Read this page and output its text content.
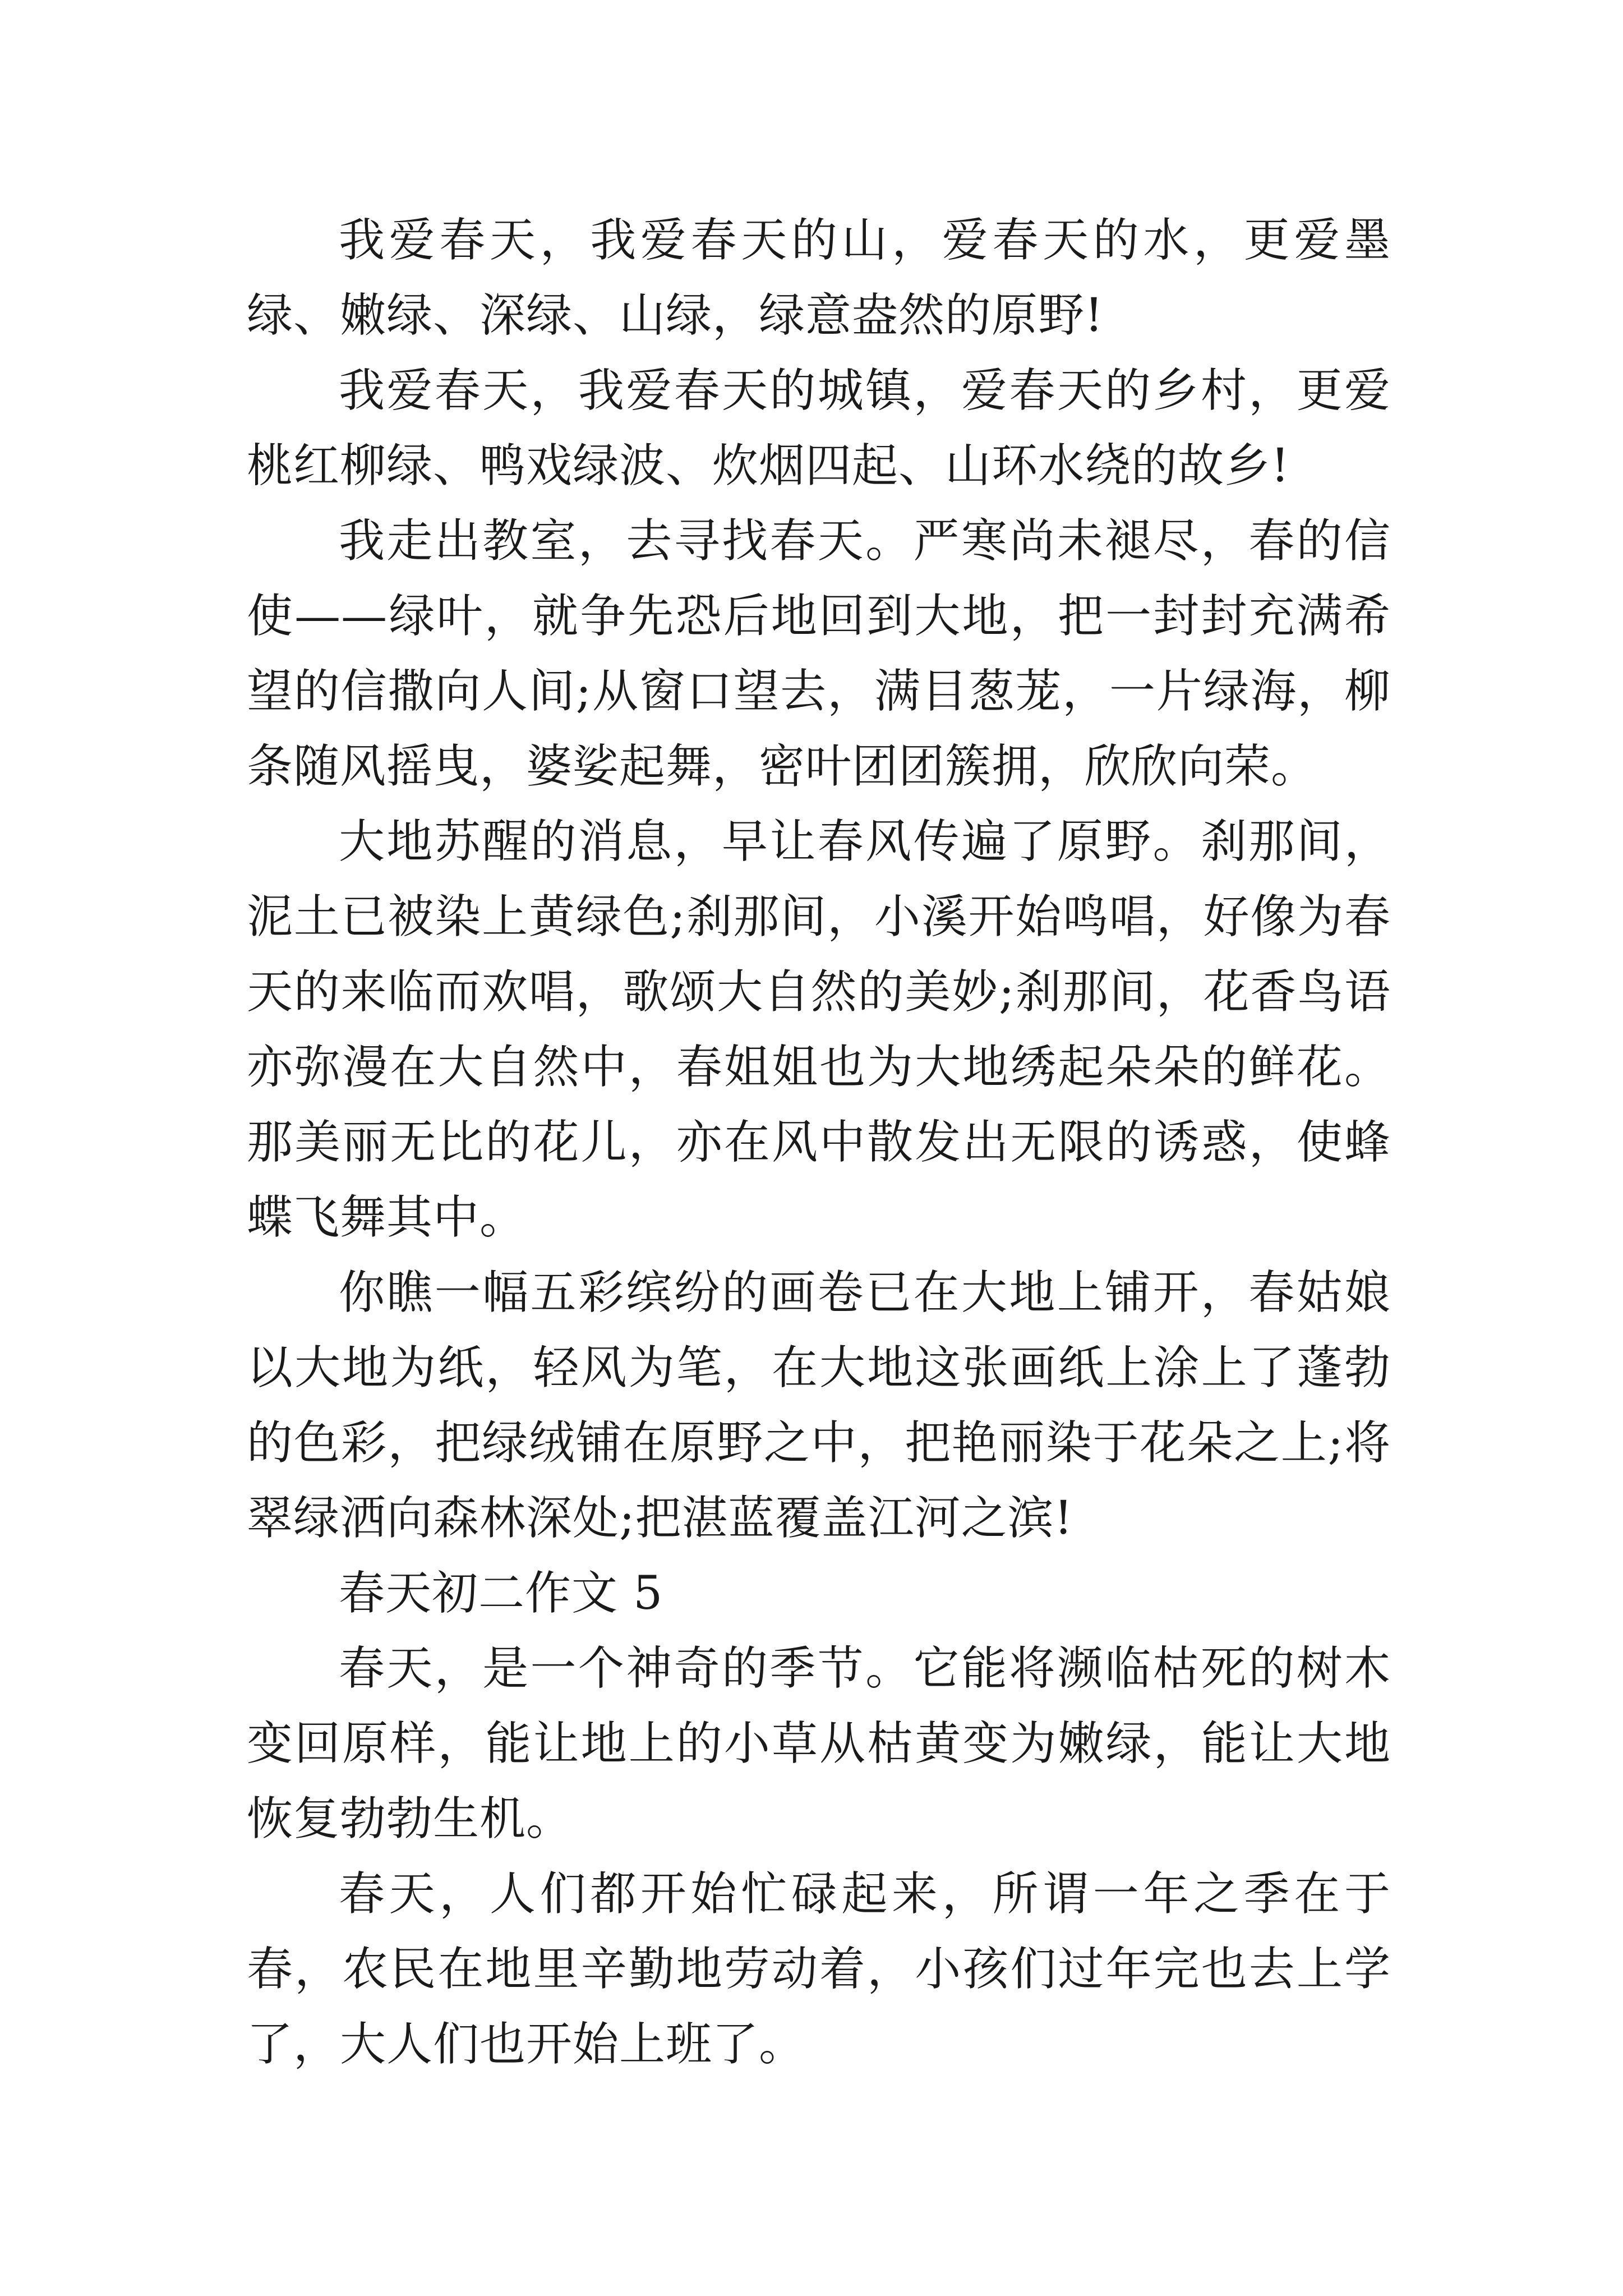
我爱春天，我爱春天的山，爱春天的水，更爱墨绿、嫩绿、深绿、山绿，绿意盎然的原野!

我爱春天，我爱春天的城镇，爱春天的乡村，更爱桃红柳绿、鸭戏绿波、炊烟四起、山环水绕的故乡!

我走出教室，去寻找春天。严寒尚未褪尽，春的信使——绿叶，就争先恐后地回到大地，把一封封充满希望的信撒向人间;从窗口望去，满目葱茏，一片绿海，柳条随风摇曳，婆娑起舞，密叶团团簇拥，欣欣向荣。

大地苏醒的消息，早让春风传遍了原野。刹那间，泥土已被染上黄绿色;刹那间，小溪开始鸣唱，好像为春天的来临而欢唱，歌颂大自然的美妙;刹那间，花香鸟语亦弥漫在大自然中，春姐姐也为大地绣起朵朵的鲜花。那美丽无比的花儿，亦在风中散发出无限的诱惑，使蜂蝶飞舞其中。

你瞧一幅五彩缤纷的画卷已在大地上铺开，春姑娘以大地为纸，轻风为笔，在大地这张画纸上涂上了蓬勃的色彩，把绿绒铺在原野之中，把艳丽染于花朵之上;将翠绿洒向森林深处;把湛蓝覆盖江河之滨!

春天初二作文 5

春天，是一个神奇的季节。它能将濒临枯死的树木变回原样，能让地上的小草从枯黄变为嫩绿，能让大地恢复勃勃生机。

春天，人们都开始忙碌起来，所谓一年之季在于春，农民在地里辛勤地劳动着，小孩们过年完也去上学了，大人们也开始上班了。
